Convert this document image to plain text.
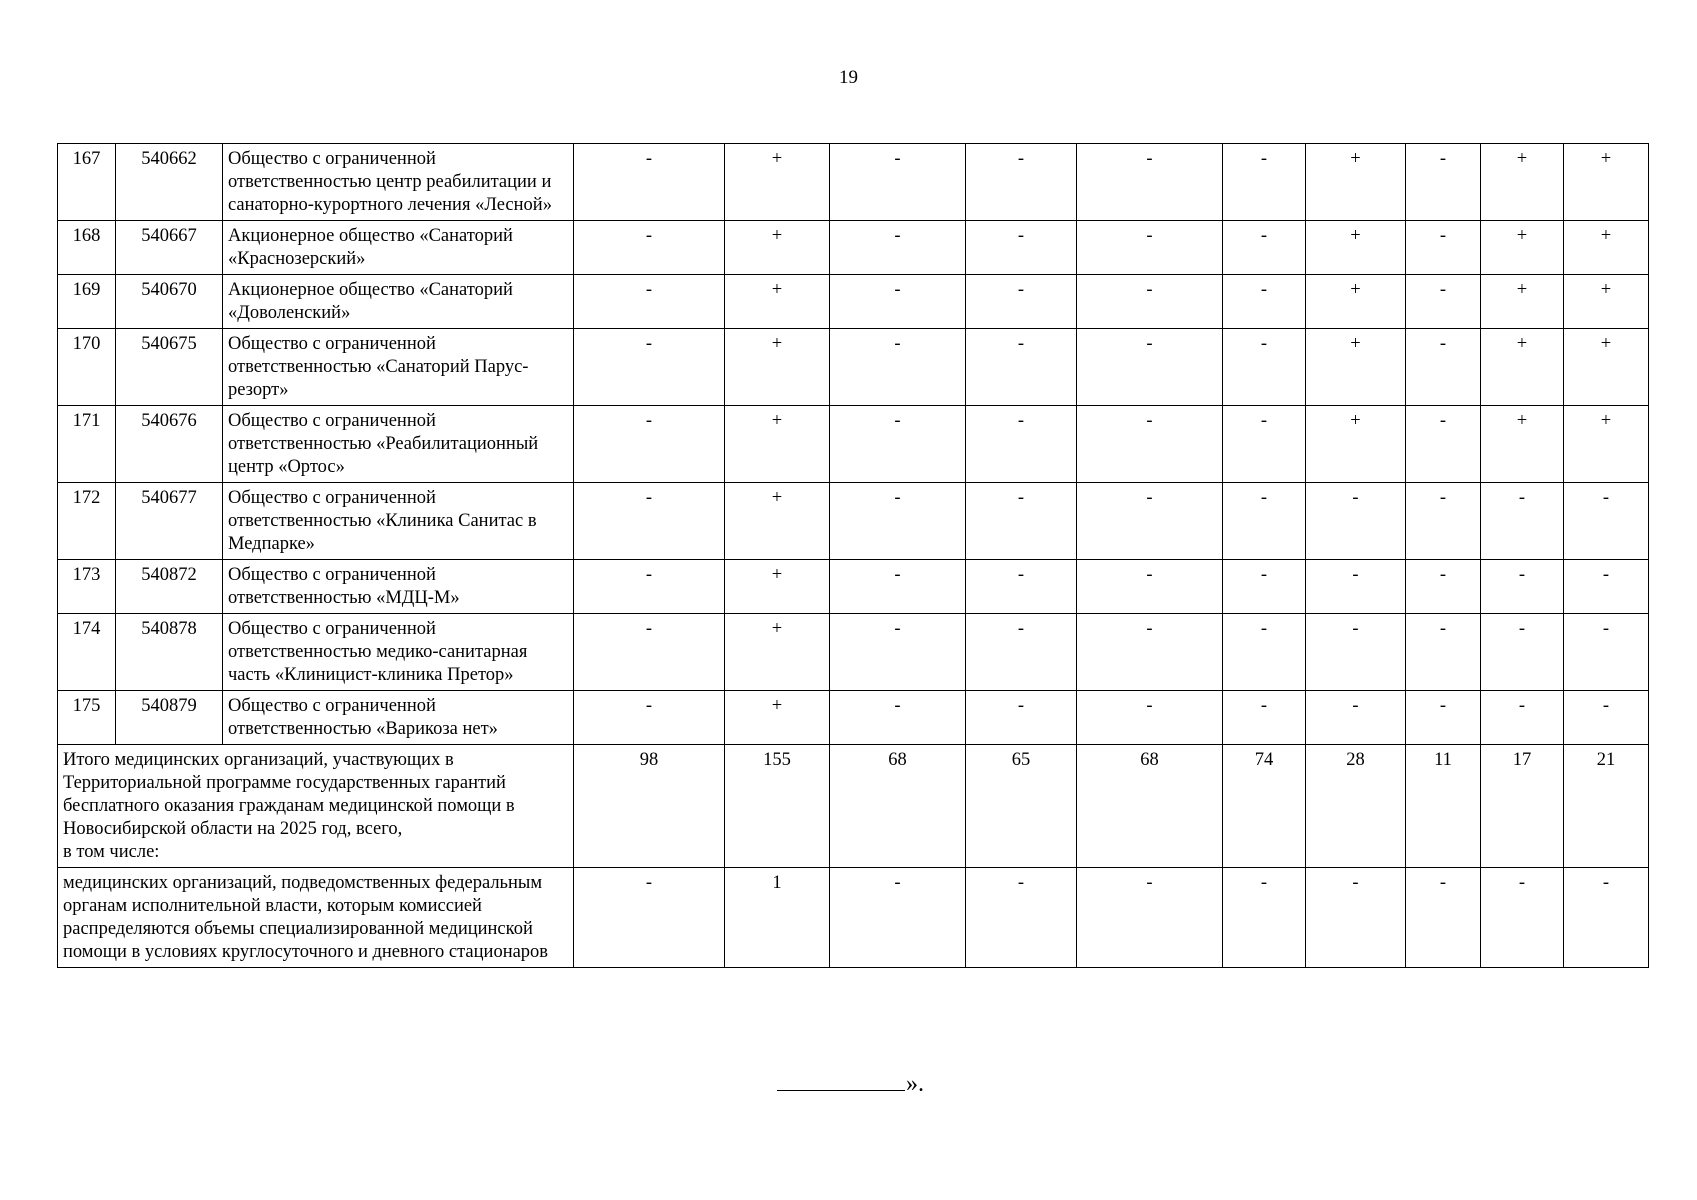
19
167	540662	Общество с ограниченной ответственностью центр реабилитации и санаторно-курортного лечения «Лесной»	-	+	-	-	-	-	+	-	+	+
168	540667	Акционерное общество «Санаторий «Краснозерский»	-	+	-	-	-	-	+	-	+	+
169	540670	Акционерное общество «Санаторий «Доволенский»	-	+	-	-	-	-	+	-	+	+
170	540675	Общество с ограниченной ответственностью «Санаторий Парус-резорт»	-	+	-	-	-	-	+	-	+	+
171	540676	Общество с ограниченной ответственностью «Реабилитационный центр «Ортос»	-	+	-	-	-	-	+	-	+	+
172	540677	Общество с ограниченной ответственностью «Клиника Санитас в Медпарке»	-	+	-	-	-	-	-	-	-	-
173	540872	Общество с ограниченной ответственностью «МДЦ-М»	-	+	-	-	-	-	-	-	-	-
174	540878	Общество с ограниченной ответственностью медико-санитарная часть «Клиницист-клиника Претор»	-	+	-	-	-	-	-	-	-	-
175	540879	Общество с ограниченной ответственностью «Варикоза нет»	-	+	-	-	-	-	-	-	-	-

Итого медицинских организаций, участвующих в
Территориальной программе государственных гарантий
бесплатного оказания гражданам медицинской помощи в
Новосибирской области на 2025 год, всего,
в том числе:			98	155	68	65	68	74	28	11	17	21

медицинских организаций, подведомственных федеральным
органам исполнительной власти, которым комиссией
распределяются объемы специализированной медицинской
помощи в условиях круглосуточного и дневного стационаров			-	1	-	-	-	-	-	-	-	-
».
